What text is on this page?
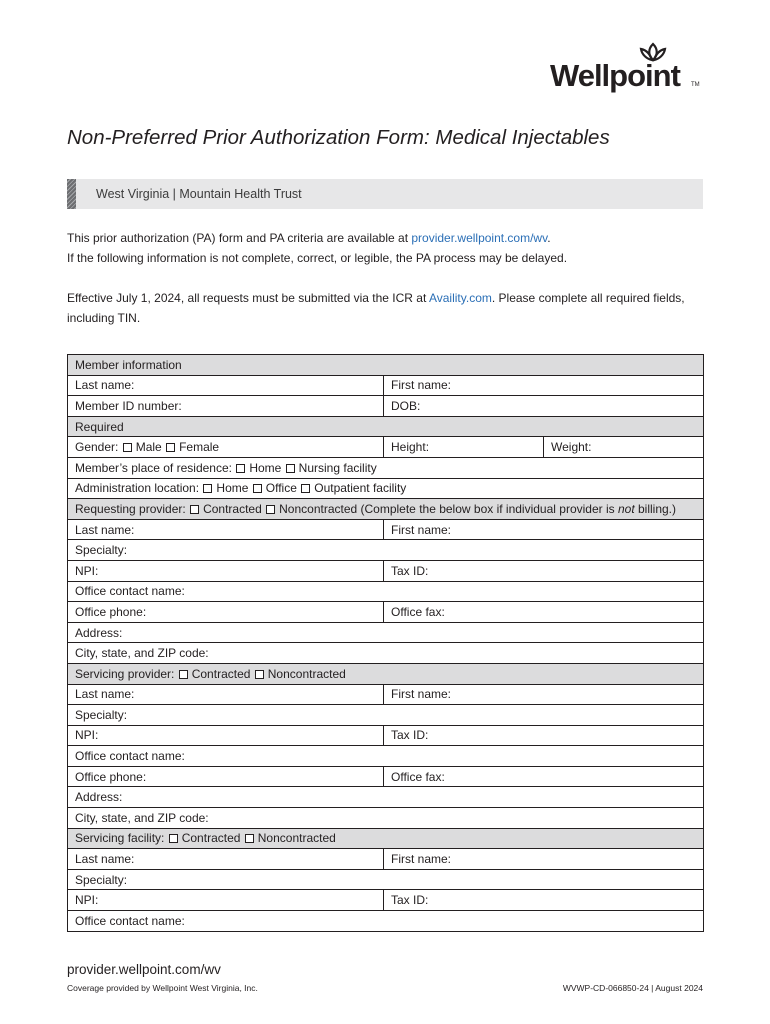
Wellpoint TM
Non-Preferred Prior Authorization Form: Medical Injectables
West Virginia | Mountain Health Trust
This prior authorization (PA) form and PA criteria are available at provider.wellpoint.com/wv.
If the following information is not complete, correct, or legible, the PA process may be delayed.
Effective July 1, 2024, all requests must be submitted via the ICR at Availity.com. Please complete all required fields,
including TIN.
Member information		
Last name:	First name:	
Member ID number:	DOB:	
Required		
Gender: Male Female	Height:	Weight:
Member’s place of residence: Home Nursing facility		
Administration location: Home Office Outpatient facility		
Requesting provider: Contracted Noncontracted (Complete the below box if individual provider is not billing.)		
Last name:	First name:	
Specialty:		
NPI:	Tax ID:	
Office contact name:		
Office phone:	Office fax:	
Address:		
City, state, and ZIP code:		
Servicing provider: Contracted Noncontracted		
Last name:	First name:	
Specialty:		
NPI:	Tax ID:	
Office contact name:		
Office phone:	Office fax:	
Address:		
City, state, and ZIP code:		
Servicing facility: Contracted Noncontracted		
Last name:	First name:	
Specialty:		
NPI:	Tax ID:	
Office contact name:		
provider.wellpoint.com/wv
Coverage provided by Wellpoint West Virginia, Inc.	WVWP-CD-066850-24 | August 2024
